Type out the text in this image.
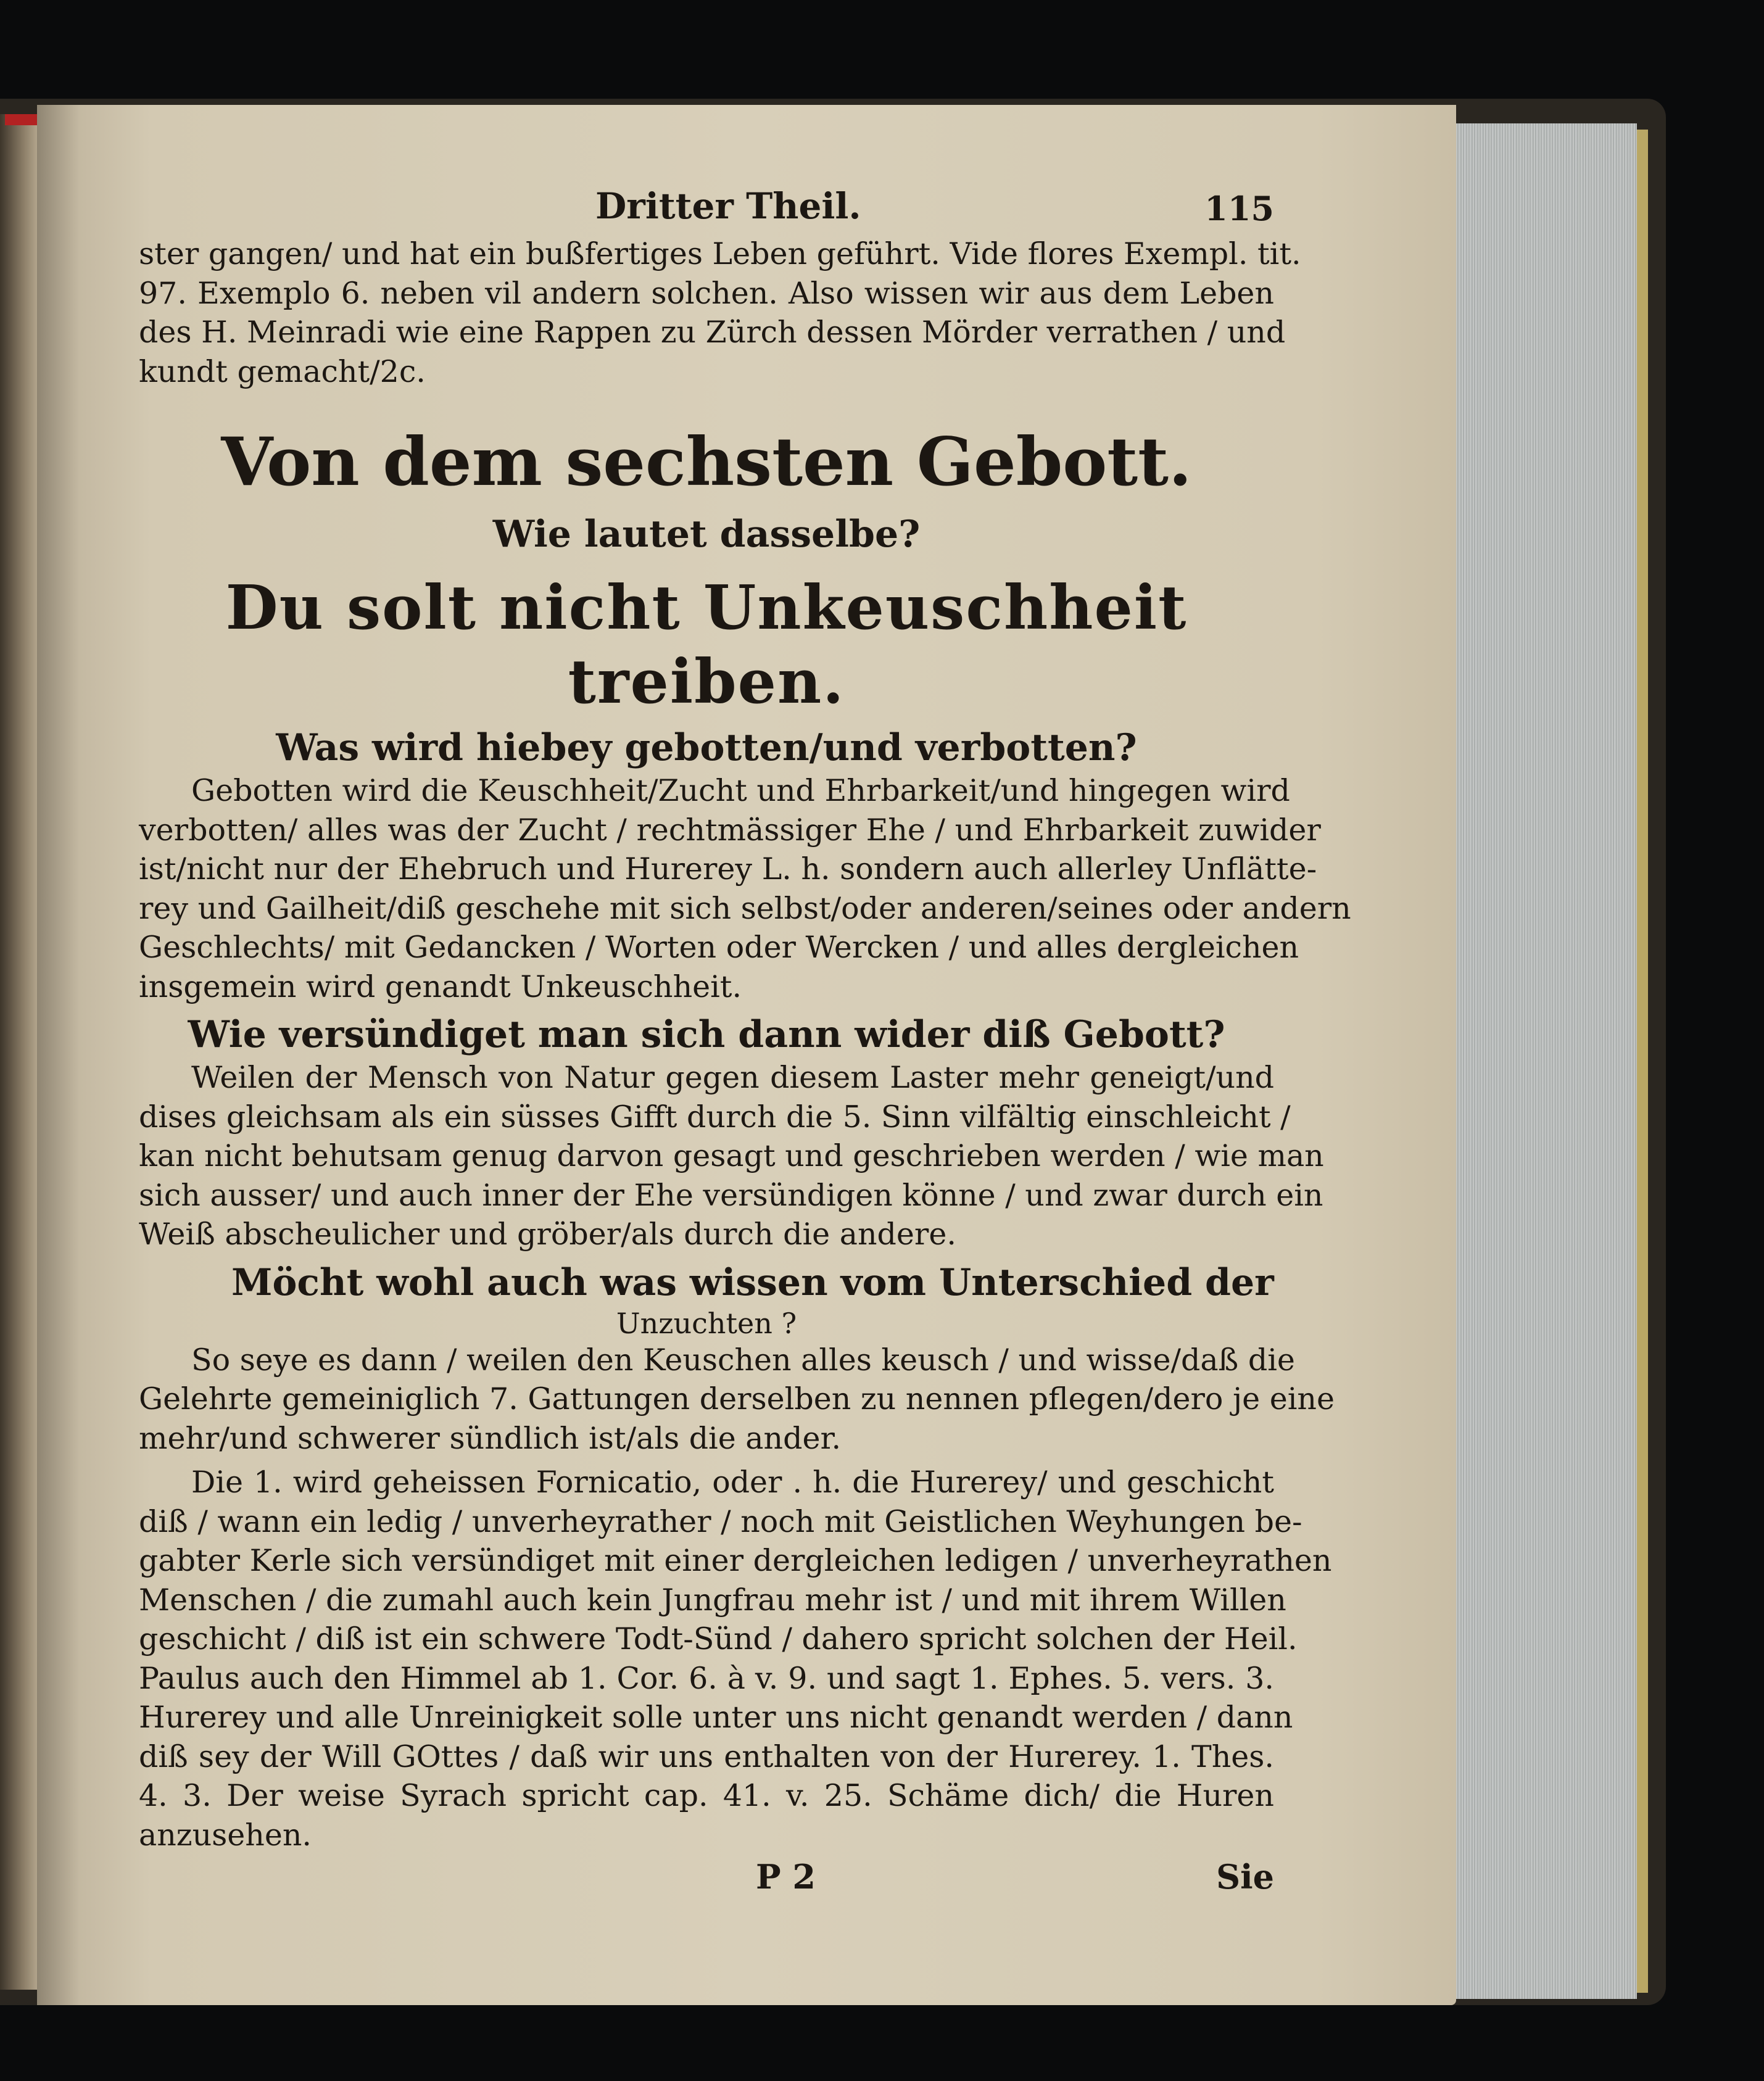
Dritter Theil.	115
ster gangen/ und hat ein bußfertiges Leben geführt. Vide flores Exempl. tit.
97. Exemplo 6. neben vil andern solchen. Also wissen wir aus dem Leben
des H. Meinradi wie eine Rappen zu Zürch dessen Mörder verrathen / und
kundt gemacht/2c.
Von dem sechsten Gebott.
Wie lautet dasselbe?
Du solt nicht Unkeuschheit treiben.
Was wird hiebey gebotten/und verbotten?
Gebotten wird die Keuschheit/Zucht und Ehrbarkeit/und hingegen wird
verbotten/ alles was der Zucht / rechtmässiger Ehe / und Ehrbarkeit zuwider
ist/nicht nur der Ehebruch und Hurerey L. h. sondern auch allerley Unflätte-
rey und Gailheit/diß geschehe mit sich selbst/oder anderen/seines oder andern
Geschlechts/ mit Gedancken / Worten oder Wercken / und alles dergleichen
insgemein wird genandt Unkeuschheit.
Wie versündiget man sich dann wider diß Gebott?
Weilen der Mensch von Natur gegen diesem Laster mehr geneigt/und
dises gleichsam als ein süsses Gifft durch die 5. Sinn vilfältig einschleicht /
kan nicht behutsam genug darvon gesagt und geschrieben werden / wie man
sich ausser/ und auch inner der Ehe versündigen könne / und zwar durch ein
Weiß abscheulicher und gröber/als durch die andere.
Möcht wohl auch was wissen vom Unterschied der
Unzuchten ?
So seye es dann / weilen den Keuschen alles keusch / und wisse/daß die
Gelehrte gemeiniglich 7. Gattungen derselben zu nennen pflegen/dero je eine
mehr/und schwerer sündlich ist/als die ander.
Die 1. wird geheissen Fornicatio, oder . h. die Hurerey/ und geschicht
diß / wann ein ledig / unverheyrather / noch mit Geistlichen Weyhungen be-
gabter Kerle sich versündiget mit einer dergleichen ledigen / unverheyrathen
Menschen / die zumahl auch kein Jungfrau mehr ist / und mit ihrem Willen
geschicht / diß ist ein schwere Todt-Sünd / dahero spricht solchen der Heil.
Paulus auch den Himmel ab 1. Cor. 6. à v. 9. und sagt 1. Ephes. 5. vers. 3.
Hurerey und alle Unreinigkeit solle unter uns nicht genandt werden / dann
diß sey der Will GOttes / daß wir uns enthalten von der Hurerey. 1. Thes.
4. 3. Der weise Syrach spricht cap. 41. v. 25. Schäme dich/ die Huren
anzusehen.
P 2	Sie
